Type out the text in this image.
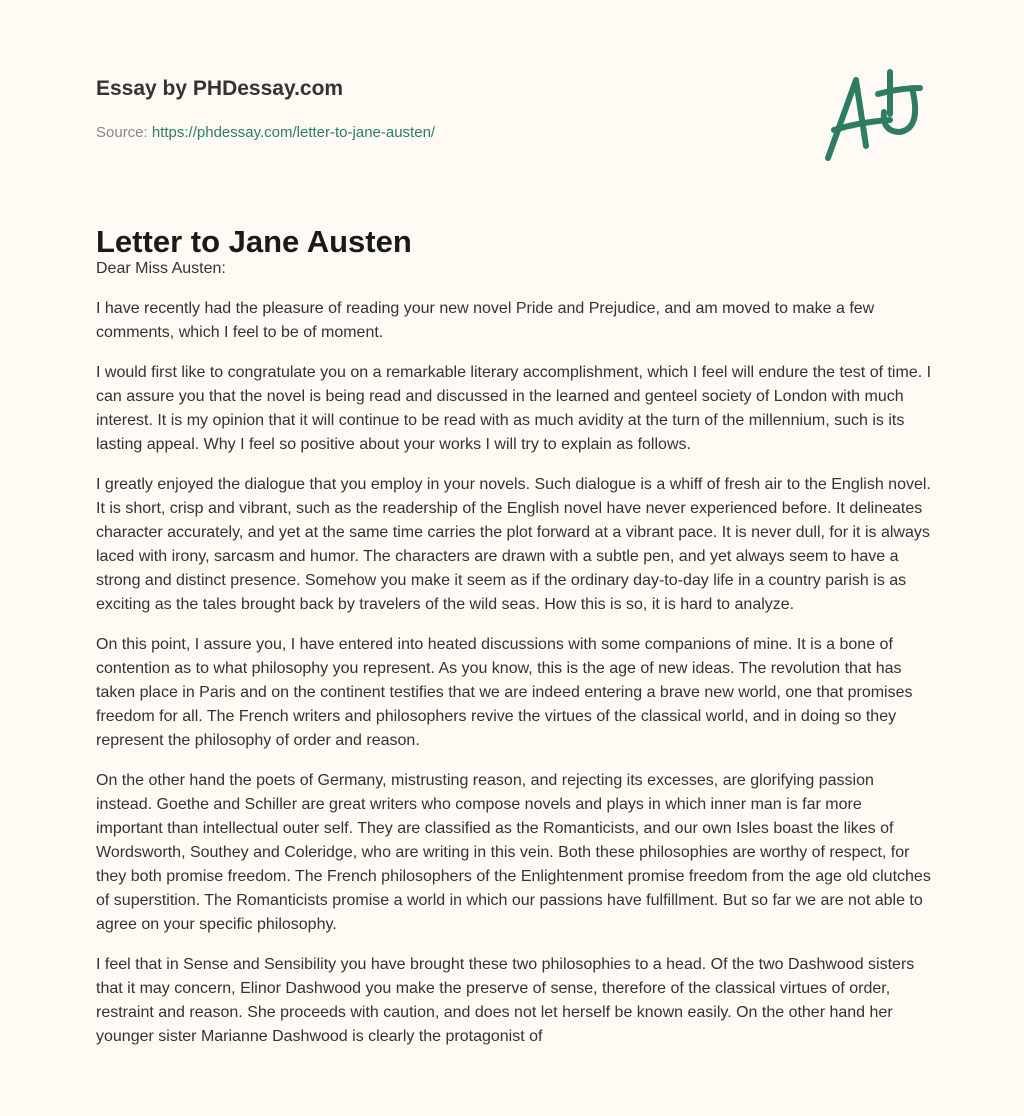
Essay by PHDessay.com
Source: https://phdessay.com/letter-to-jane-austen/
Letter to Jane Austen

Dear Miss Austen:

I have recently had the pleasure of reading your new novel Pride and Prejudice, and am moved to make a few comments, which I feel to be of moment.

I would first like to congratulate you on a remarkable literary accomplishment, which I feel will endure the test of time. I can assure you that the novel is being read and discussed in the learned and genteel society of London with much interest. It is my opinion that it will continue to be read with as much avidity at the turn of the millennium, such is its lasting appeal. Why I feel so positive about your works I will try to explain as follows.

I greatly enjoyed the dialogue that you employ in your novels. Such dialogue is a whiff of fresh air to the English novel. It is short, crisp and vibrant, such as the readership of the English novel have never experienced before. It delineates character accurately, and yet at the same time carries the plot forward at a vibrant pace. It is never dull, for it is always laced with irony, sarcasm and humor. The characters are drawn with a subtle pen, and yet always seem to have a strong and distinct presence. Somehow you make it seem as if the ordinary day-to-day life in a country parish is as exciting as the tales brought back by travelers of the wild seas. How this is so, it is hard to analyze.

On this point, I assure you, I have entered into heated discussions with some companions of mine. It is a bone of contention as to what philosophy you represent. As you know, this is the age of new ideas. The revolution that has taken place in Paris and on the continent testifies that we are indeed entering a brave new world, one that promises freedom for all. The French writers and philosophers revive the virtues of the classical world, and in doing so they represent the philosophy of order and reason.

On the other hand the poets of Germany, mistrusting reason, and rejecting its excesses, are glorifying passion instead. Goethe and Schiller are great writers who compose novels and plays in which inner man is far more important than intellectual outer self. They are classified as the Romanticists, and our own Isles boast the likes of Wordsworth, Southey and Coleridge, who are writing in this vein. Both these philosophies are worthy of respect, for they both promise freedom. The French philosophers of the Enlightenment promise freedom from the age old clutches of superstition. The Romanticists promise a world in which our passions have fulfillment. But so far we are not able to agree on your specific philosophy.

I feel that in Sense and Sensibility you have brought these two philosophies to a head. Of the two Dashwood sisters that it may concern, Elinor Dashwood you make the preserve of sense, therefore of the classical virtues of order, restraint and reason. She proceeds with caution, and does not let herself be known easily. On the other hand her younger sister Marianne Dashwood is clearly the protagonist of
